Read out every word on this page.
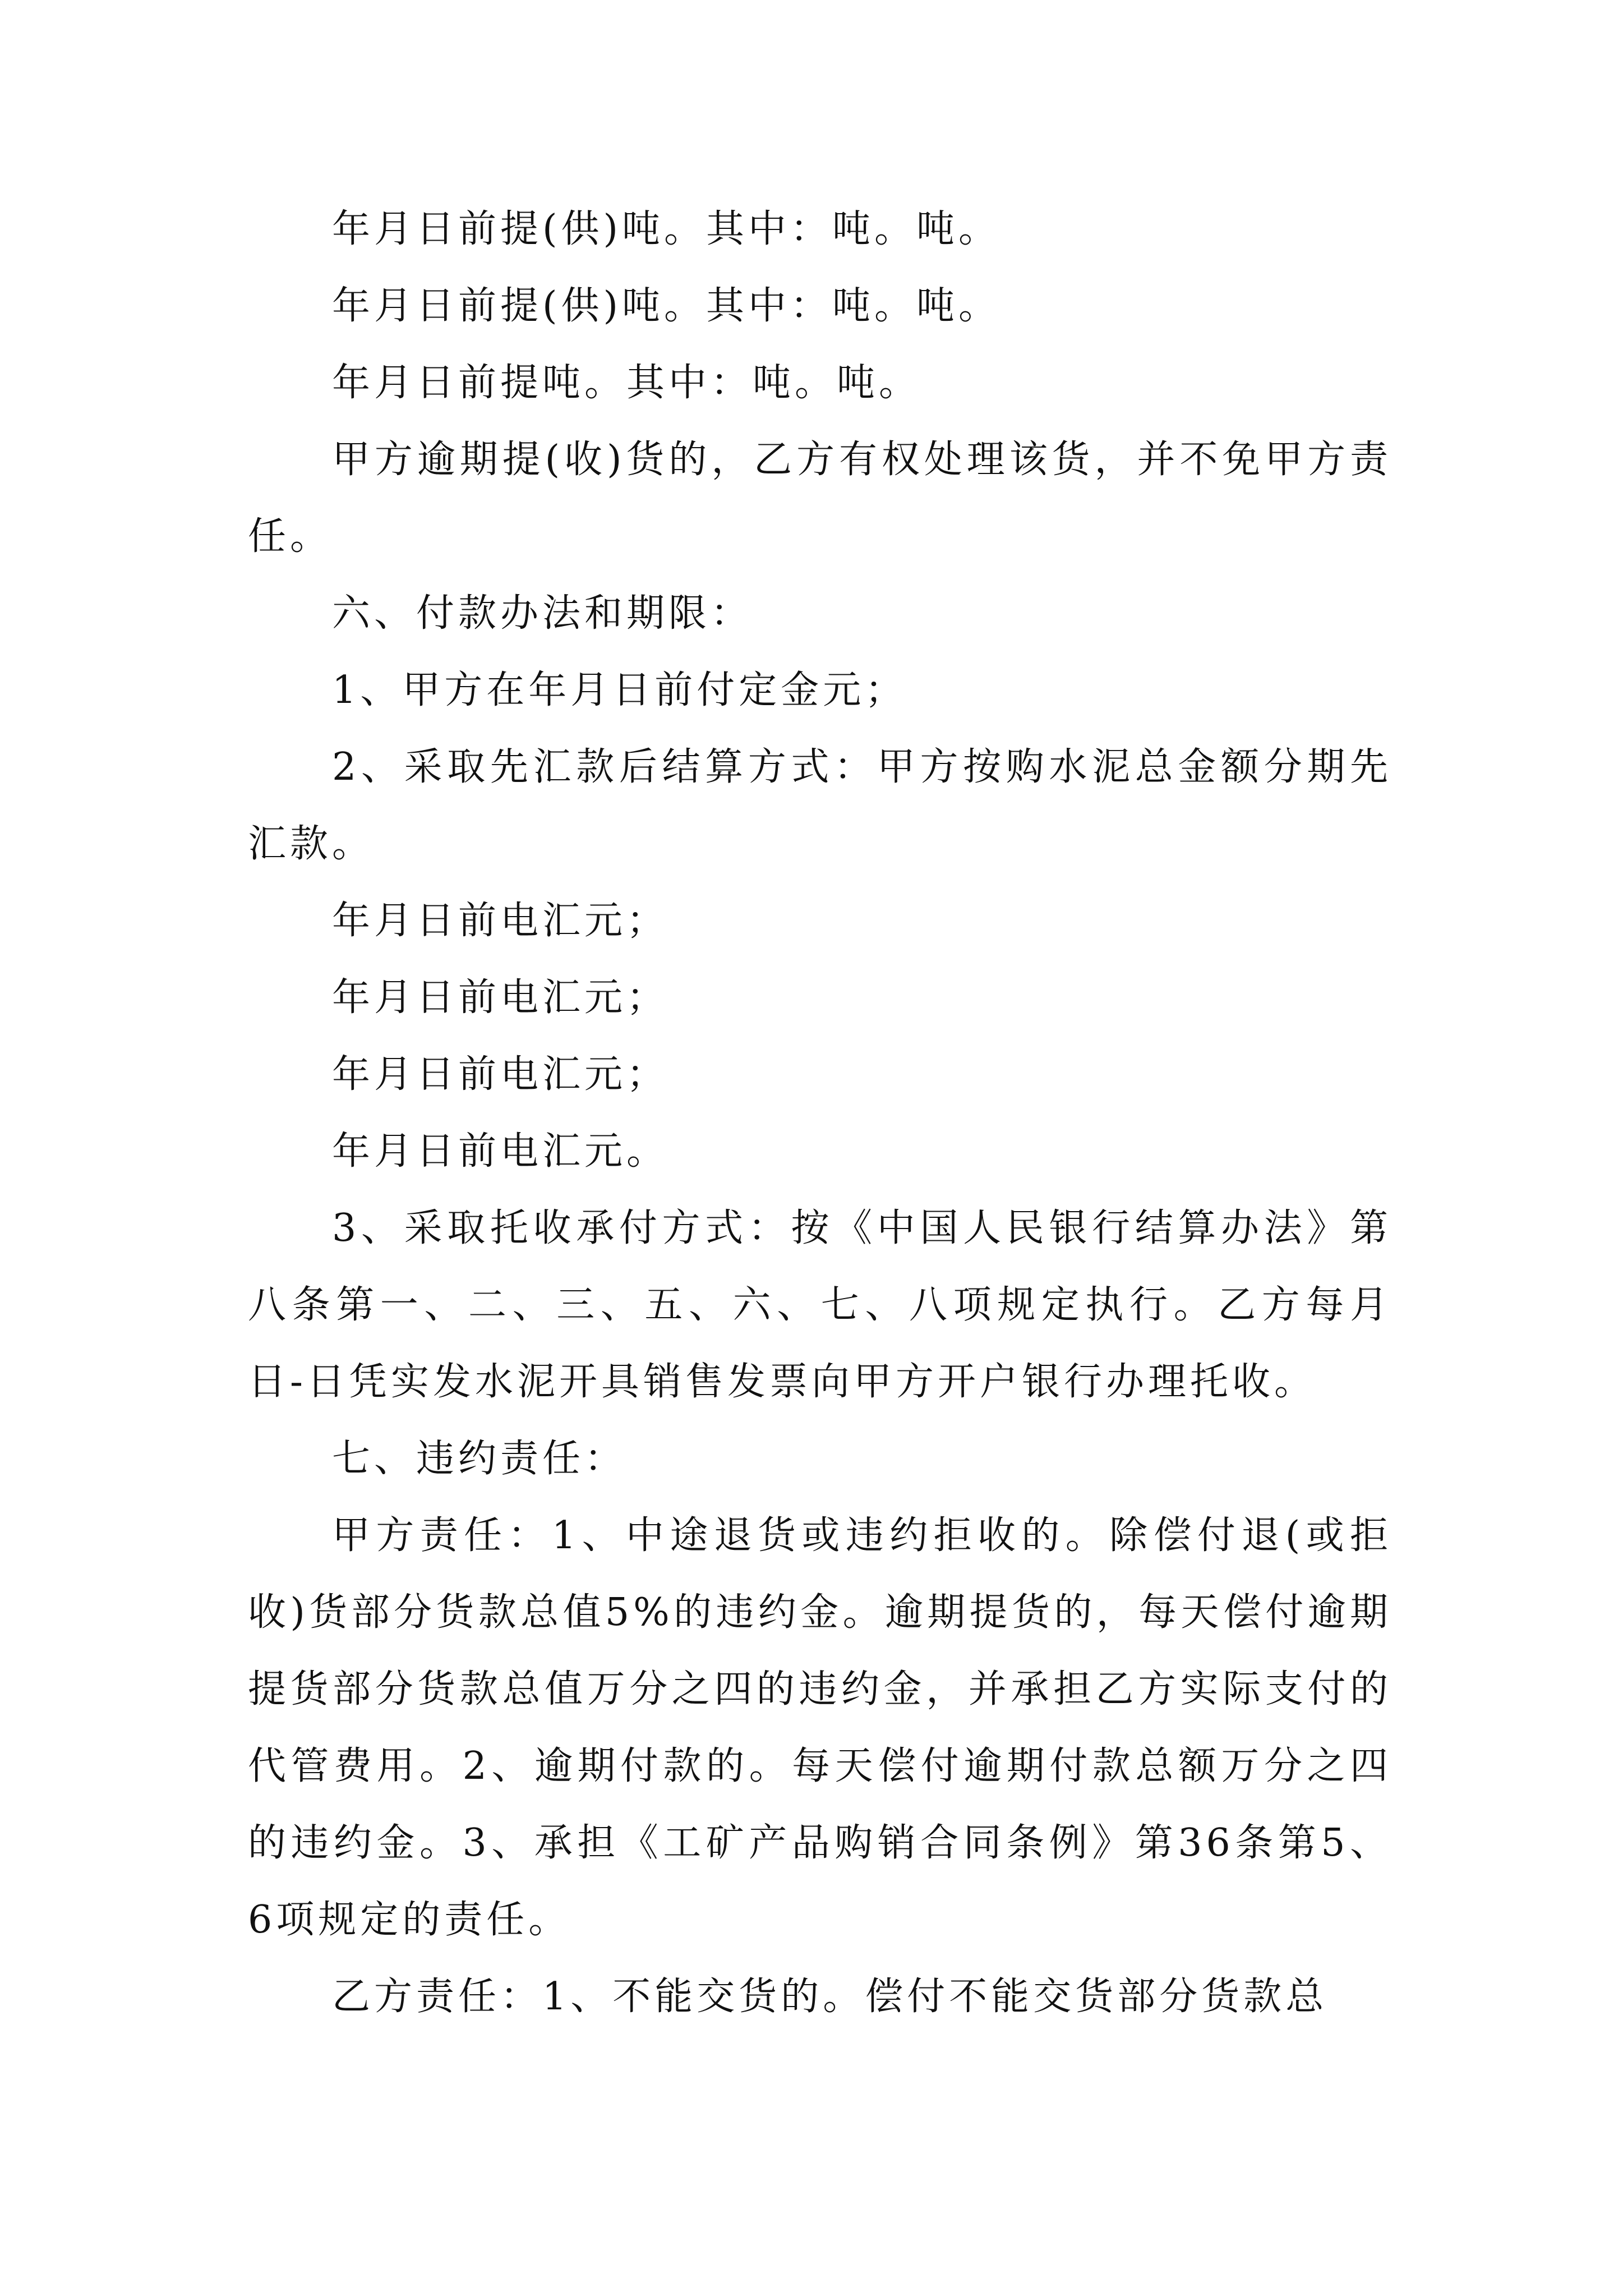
年月日前提(供)吨。其中：吨。吨。

年月日前提(供)吨。其中：吨。吨。

年月日前提吨。其中：吨。吨。

甲方逾期提(收)货的，乙方有权处理该货，并不免甲方责任。

六、付款办法和期限：

1、甲方在年月日前付定金元；

2、采取先汇款后结算方式：甲方按购水泥总金额分期先汇款。

年月日前电汇元；

年月日前电汇元；

年月日前电汇元；

年月日前电汇元。

3、采取托收承付方式：按《中国人民银行结算办法》第八条第一、二、三、五、六、七、八项规定执行。乙方每月日-日凭实发水泥开具销售发票向甲方开户银行办理托收。

七、违约责任：

甲方责任：1、中途退货或违约拒收的。除偿付退(或拒收)货部分货款总值5%的违约金。逾期提货的，每天偿付逾期提货部分货款总值万分之四的违约金，并承担乙方实际支付的代管费用。2、逾期付款的。每天偿付逾期付款总额万分之四的违约金。3、承担《工矿产品购销合同条例》第36条第5、6项规定的责任。

乙方责任：1、不能交货的。偿付不能交货部分货款总
